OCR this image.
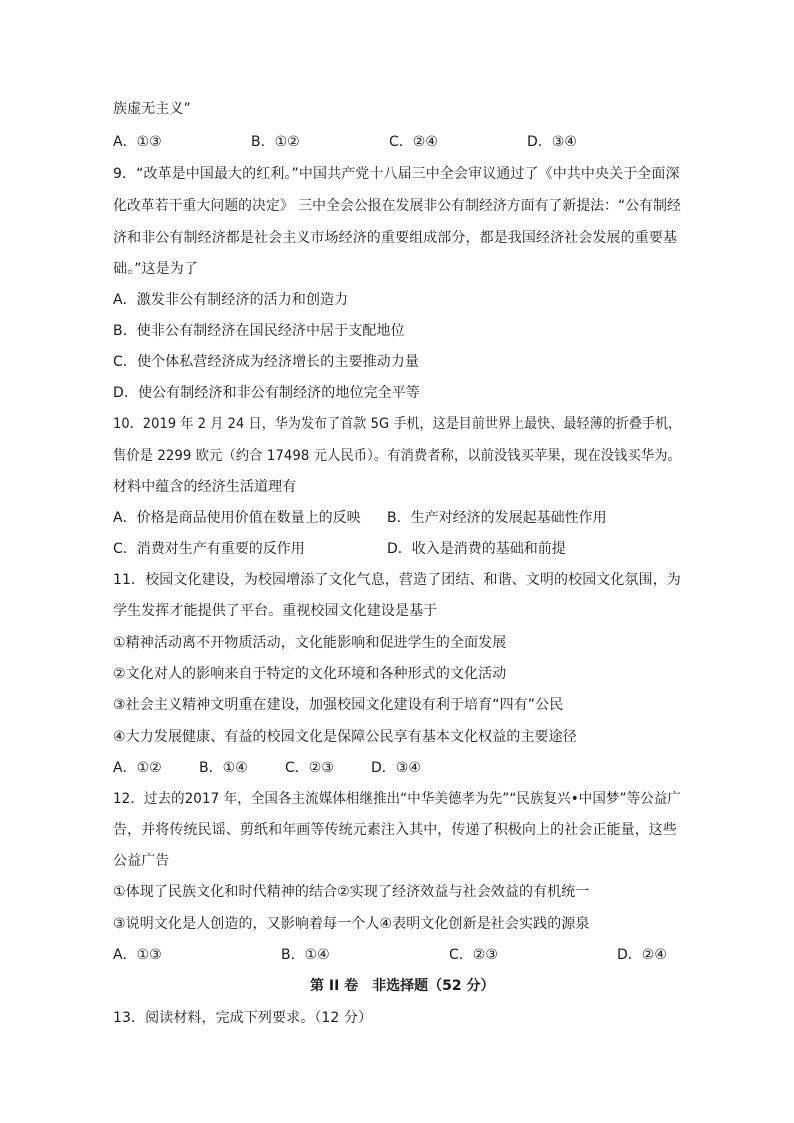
族虚无主义”
A．①③	B．①②	C．②④	D．③④
9．“改革是中国最大的红利。”中国共产党十八届三中全会审议通过了《中共中央关于全面深
化改革若干重大问题的决定》 三中全会公报在发展非公有制经济方面有了新提法：“公有制经
济和非公有制经济都是社会主义市场经济的重要组成部分，都是我国经济社会发展的重要基
础。”这是为了
A．激发非公有制经济的活力和创造力
B．使非公有制经济在国民经济中居于支配地位
C．使个体私营经济成为经济增长的主要推动力量
D．使公有制经济和非公有制经济的地位完全平等
10．2019 年 2 月 24 日，华为发布了首款 5G 手机，这是目前世界上最快、最轻薄的折叠手机，
售价是 2299 欧元（约合 17498 元人民币）。有消费者称，以前没钱买苹果，现在没钱买华为。
材料中蕴含的经济生活道理有
A．价格是商品使用价值在数量上的反映 B．生产对经济的发展起基础性作用
C．消费对生产有重要的反作用	D．收入是消费的基础和前提
11．校园文化建设，为校园增添了文化气息，营造了团结、和谐、文明的校园文化氛围，为
学生发挥才能提供了平台。重视校园文化建设是基于
①精神活动离不开物质活动，文化能影响和促进学生的全面发展
②文化对人的影响来自于特定的文化环境和各种形式的文化活动
③社会主义精神文明重在建设，加强校园文化建设有利于培育“四有”公民
④大力发展健康、有益的校园文化是保障公民享有基本文化权益的主要途径
A．①②	B．①④	C．②③	D．③④
12．过去的2017 年，全国各主流媒体相继推出“中华美德孝为先”“民族复兴•中国梦”等公益广
告，并将传统民谣、剪纸和年画等传统元素注入其中，传递了积极向上的社会正能量，这些
公益广告
①体现了民族文化和时代精神的结合②实现了经济效益与社会效益的有机统一
③说明文化是人创造的，又影响着每一个人④表明文化创新是社会实践的源泉
A．①③	B．①④	C．②③	D．②④
第 II 卷　非选择题（52 分）
13．阅读材料，完成下列要求。（12 分）
